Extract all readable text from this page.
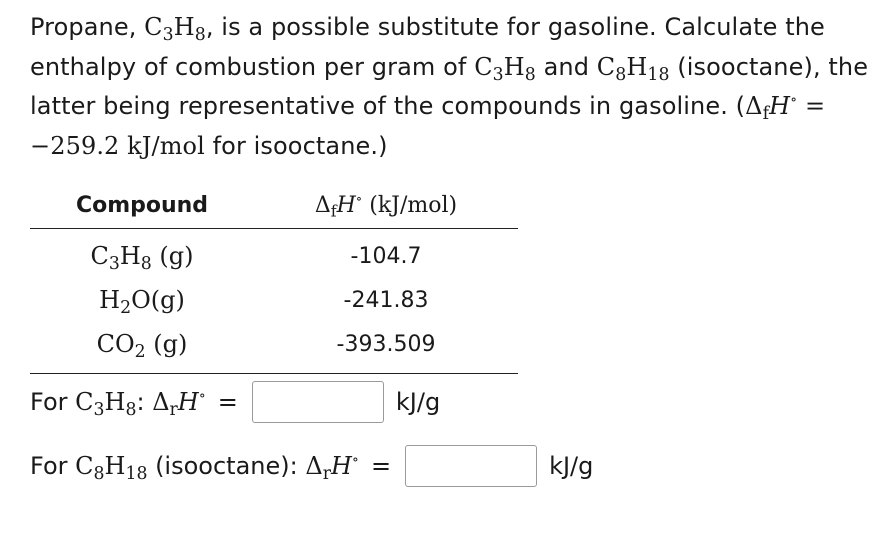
Propane, $C_3H_8$, is a possible substitute for gasoline. Calculate the enthalpy of combustion per gram of $C_3H_8$ and $C_8H_{18}$ (isooctane), the latter being representative of the compounds in gasoline. ($\Delta_fH^\circ = -259.2$ kJ/mol for isooctane.)
Compound	$\Delta_fH^\circ$ (kJ/mol)
$C_3H_8$ (g)	-104.7
$H_2O(g)$	-241.83
$CO_2$ (g)	-393.509
For $C_3H_8$ : $\Delta_rH^\circ$ =	kJ/g
For $C_8H_{18}$ (isooctane): $\Delta_rH^\circ$ =	kJ/g
